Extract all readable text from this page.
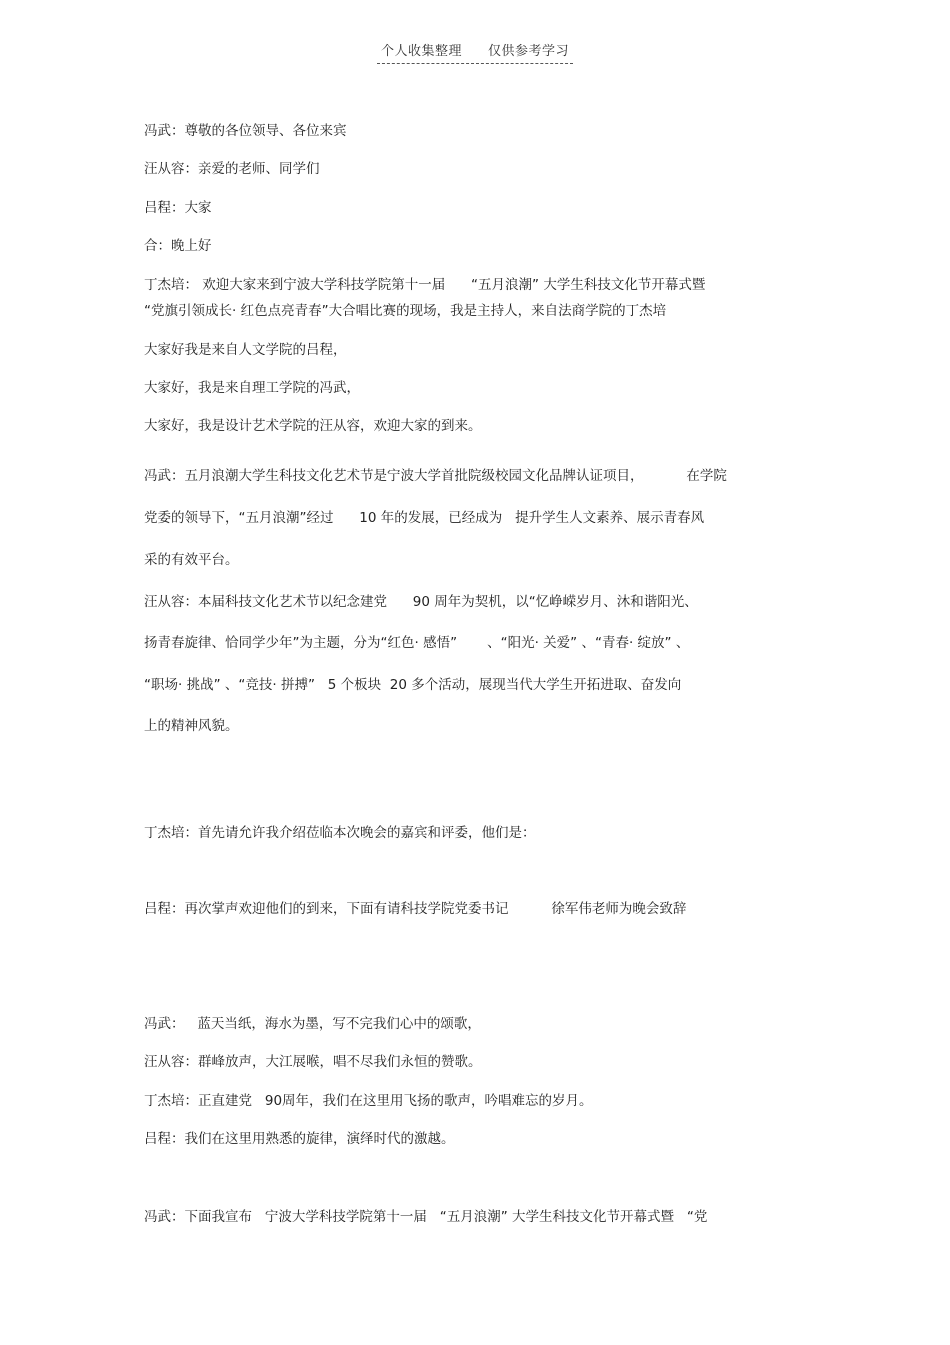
个人收集整理 仅供参考学习
冯武：尊敬的各位领导、各位来宾
汪从容：亲爱的老师、同学们
吕程：大家
合：晚上好
丁杰培： 欢迎大家来到宁波大学科技学院第十一届      “五月浪潮” 大学生科技文化节开幕式暨
“党旗引领成长· 红色点亮青春”大合唱比赛的现场，我是主持人，来自法商学院的丁杰培
大家好我是来自人文学院的吕程，
大家好，我是来自理工学院的冯武，
大家好，我是设计艺术学院的汪从容，欢迎大家的到来。
冯武：五月浪潮大学生科技文化艺术节是宁波大学首批院级校园文化品牌认证项目，          在学院
党委的领导下，“五月浪潮”经过      10 年的发展，已经成为   提升学生人文素养、展示青春风
采的有效平台。
汪从容：本届科技文化艺术节以纪念建党      90 周年为契机，以“忆峥嵘岁月、沐和谐阳光、
扬青春旋律、恰同学少年”为主题，分为“红色· 感悟”       、“阳光· 关爱” 、“青春· 绽放” 、
“职场· 挑战” 、“竞技· 拼搏”   5 个板块  20 多个活动，展现当代大学生开拓进取、奋发向
上的精神风貌。
丁杰培：首先请允许我介绍莅临本次晚会的嘉宾和评委，他们是：
吕程：再次掌声欢迎他们的到来，下面有请科技学院党委书记          徐军伟老师为晚会致辞
冯武：   蓝天当纸，海水为墨，写不完我们心中的颂歌，
汪从容：群峰放声，大江展喉，唱不尽我们永恒的赞歌。
丁杰培：正直建党   90周年，我们在这里用飞扬的歌声，吟唱难忘的岁月。
吕程：我们在这里用熟悉的旋律，演绎时代的激越。
冯武：下面我宣布   宁波大学科技学院第十一届   “五月浪潮” 大学生科技文化节开幕式暨   “党
